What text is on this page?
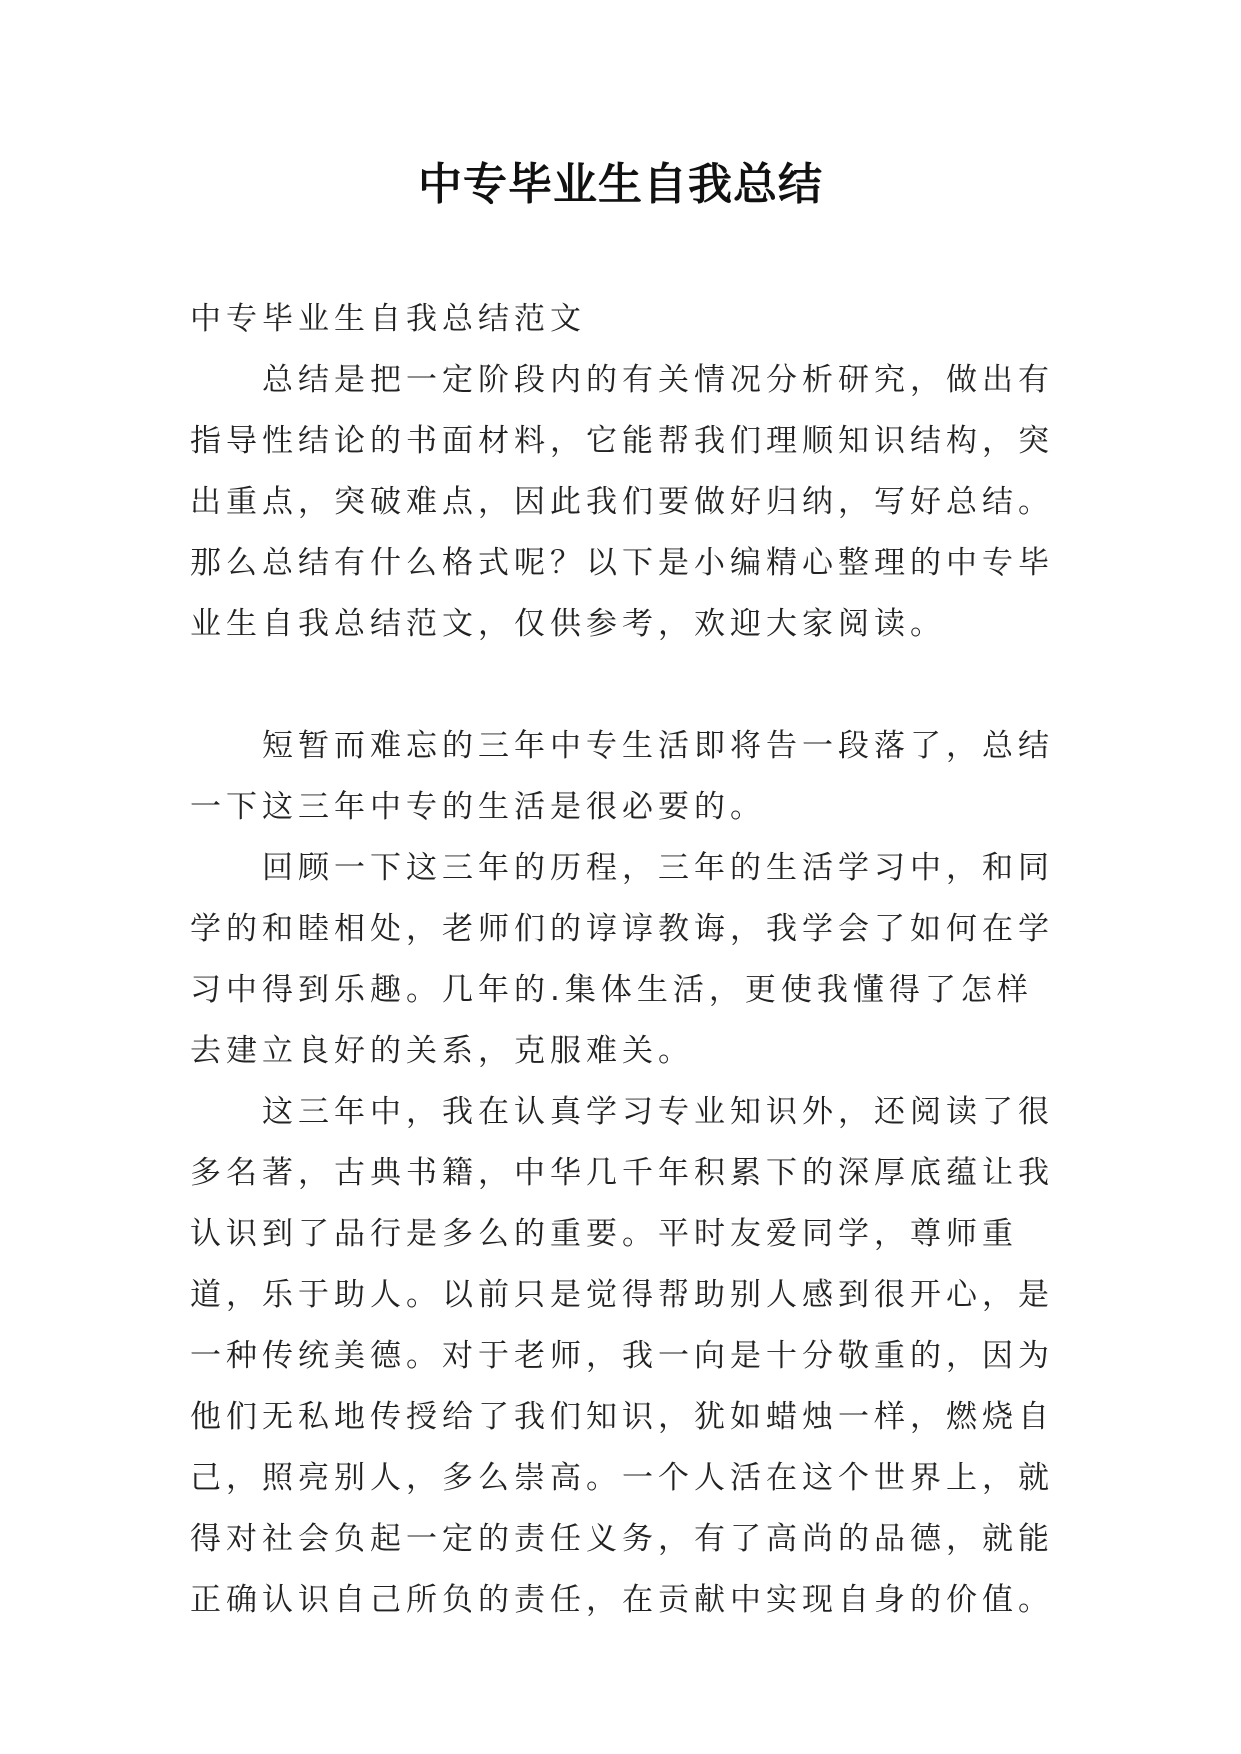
中专毕业生自我总结

中专毕业生自我总结范文

总结是把一定阶段内的有关情况分析研究，做出有指导性结论的书面材料，它能帮我们理顺知识结构，突出重点，突破难点，因此我们要做好归纳，写好总结。那么总结有什么格式呢？以下是小编精心整理的中专毕业生自我总结范文，仅供参考，欢迎大家阅读。

短暂而难忘的三年中专生活即将告一段落了，总结一下这三年中专的生活是很必要的。

回顾一下这三年的历程，三年的生活学习中，和同学的和睦相处，老师们的谆谆教诲，我学会了如何在学习中得到乐趣。几年的.集体生活，更使我懂得了怎样去建立良好的关系，克服难关。

这三年中，我在认真学习专业知识外，还阅读了很多名著，古典书籍，中华几千年积累下的深厚底蕴让我认识到了品行是多么的重要。平时友爱同学，尊师重道，乐于助人。以前只是觉得帮助别人感到很开心，是一种传统美德。对于老师，我一向是十分敬重的，因为他们无私地传授给了我们知识，犹如蜡烛一样，燃烧自己，照亮别人，多么崇高。一个人活在这个世界上，就得对社会负起一定的责任义务，有了高尚的品德，就能正确认识自己所负的责任，在贡献中实现自身的价值。
